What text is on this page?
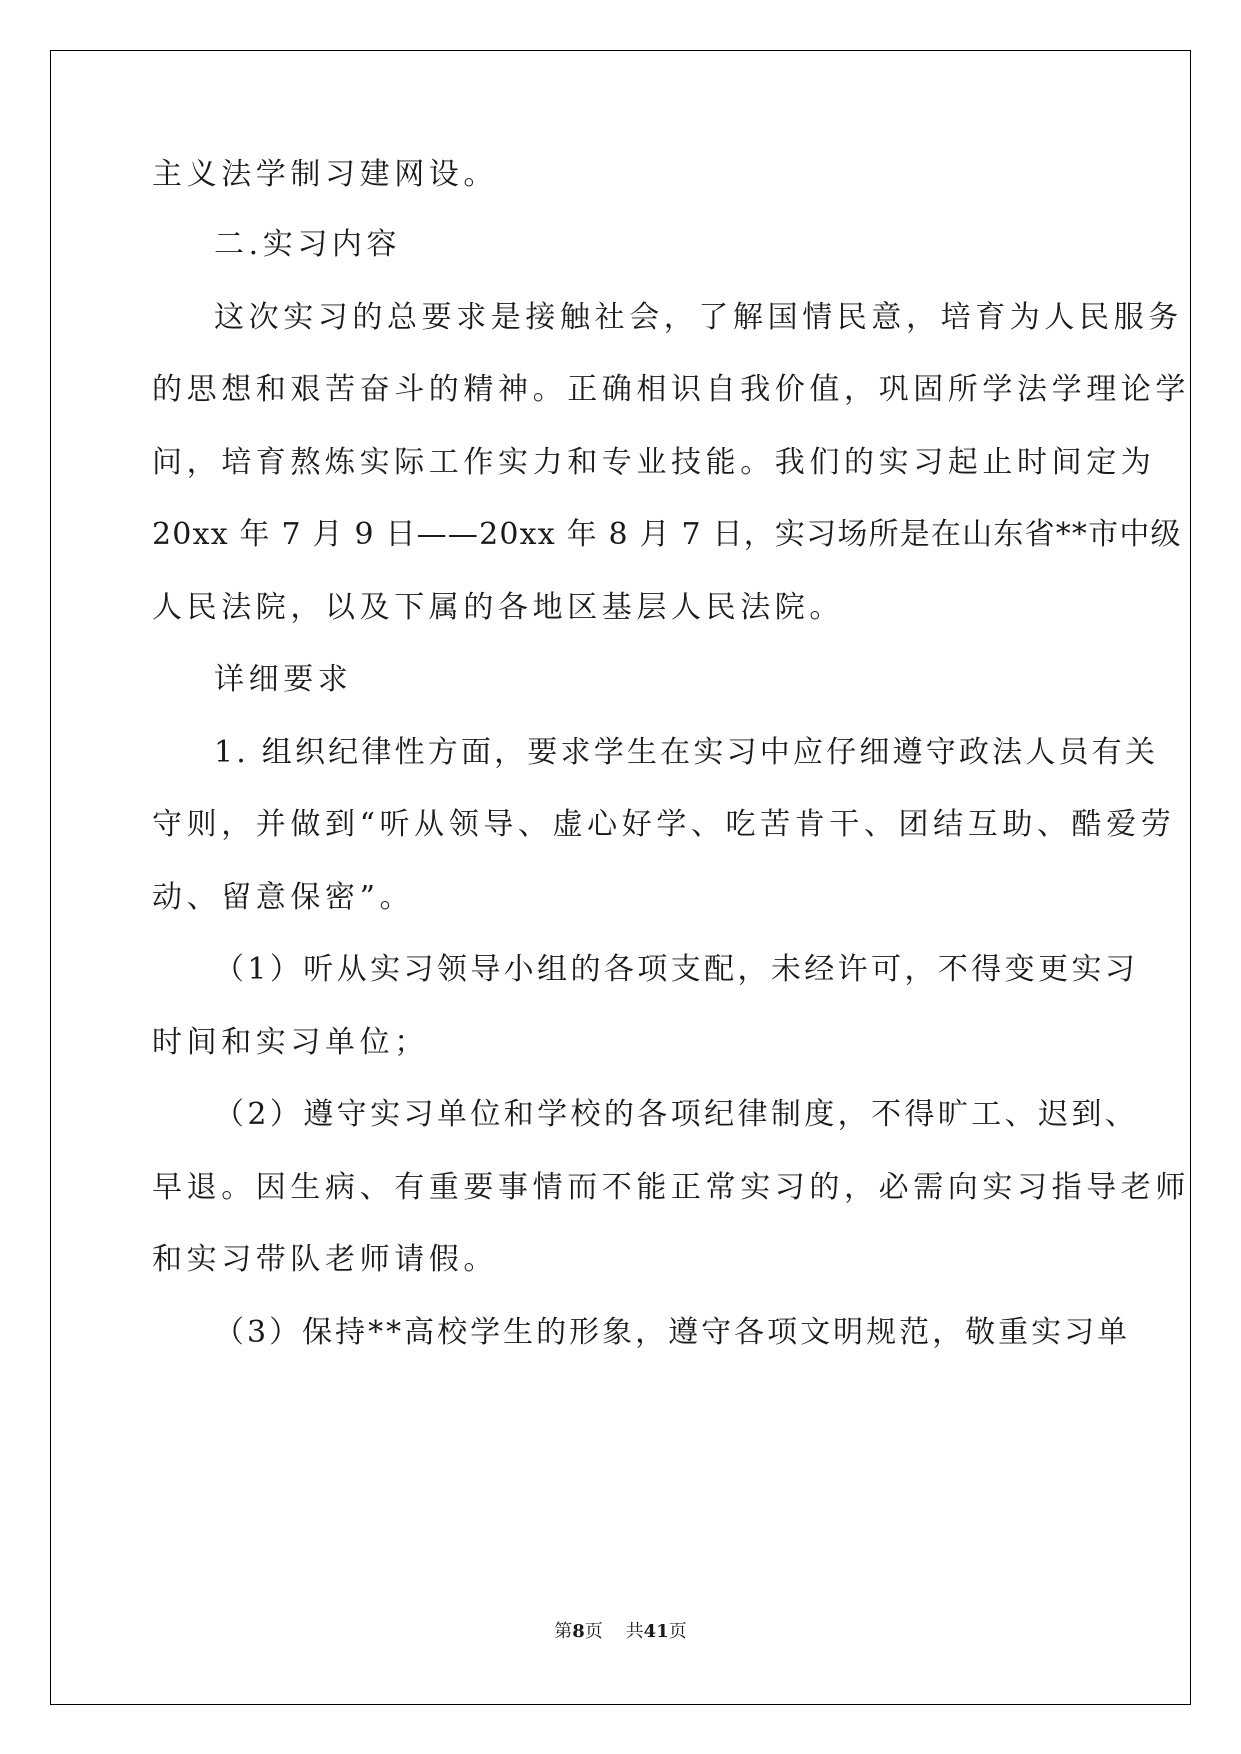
主义法学制习建网设。
二.实习内容
这次实习的总要求是接触社会，了解国情民意，培育为人民服务
的思想和艰苦奋斗的精神。正确相识自我价值，巩固所学法学理论学
问，培育熬炼实际工作实力和专业技能。我们的实习起止时间定为
20xx 年 7 月 9 日——20xx 年 8 月 7 日，实习场所是在山东省**市中级
人民法院，以及下属的各地区基层人民法院。
详细要求
1. 组织纪律性方面，要求学生在实习中应仔细遵守政法人员有关
守则，并做到“听从领导、虚心好学、吃苦肯干、团结互助、酷爱劳
动、留意保密”。
（1）听从实习领导小组的各项支配，未经许可，不得变更实习
时间和实习单位；
（2）遵守实习单位和学校的各项纪律制度，不得旷工、迟到、
早退。因生病、有重要事情而不能正常实习的，必需向实习指导老师
和实习带队老师请假。
（3）保持**高校学生的形象，遵守各项文明规范，敬重实习单
第8页 共41页
